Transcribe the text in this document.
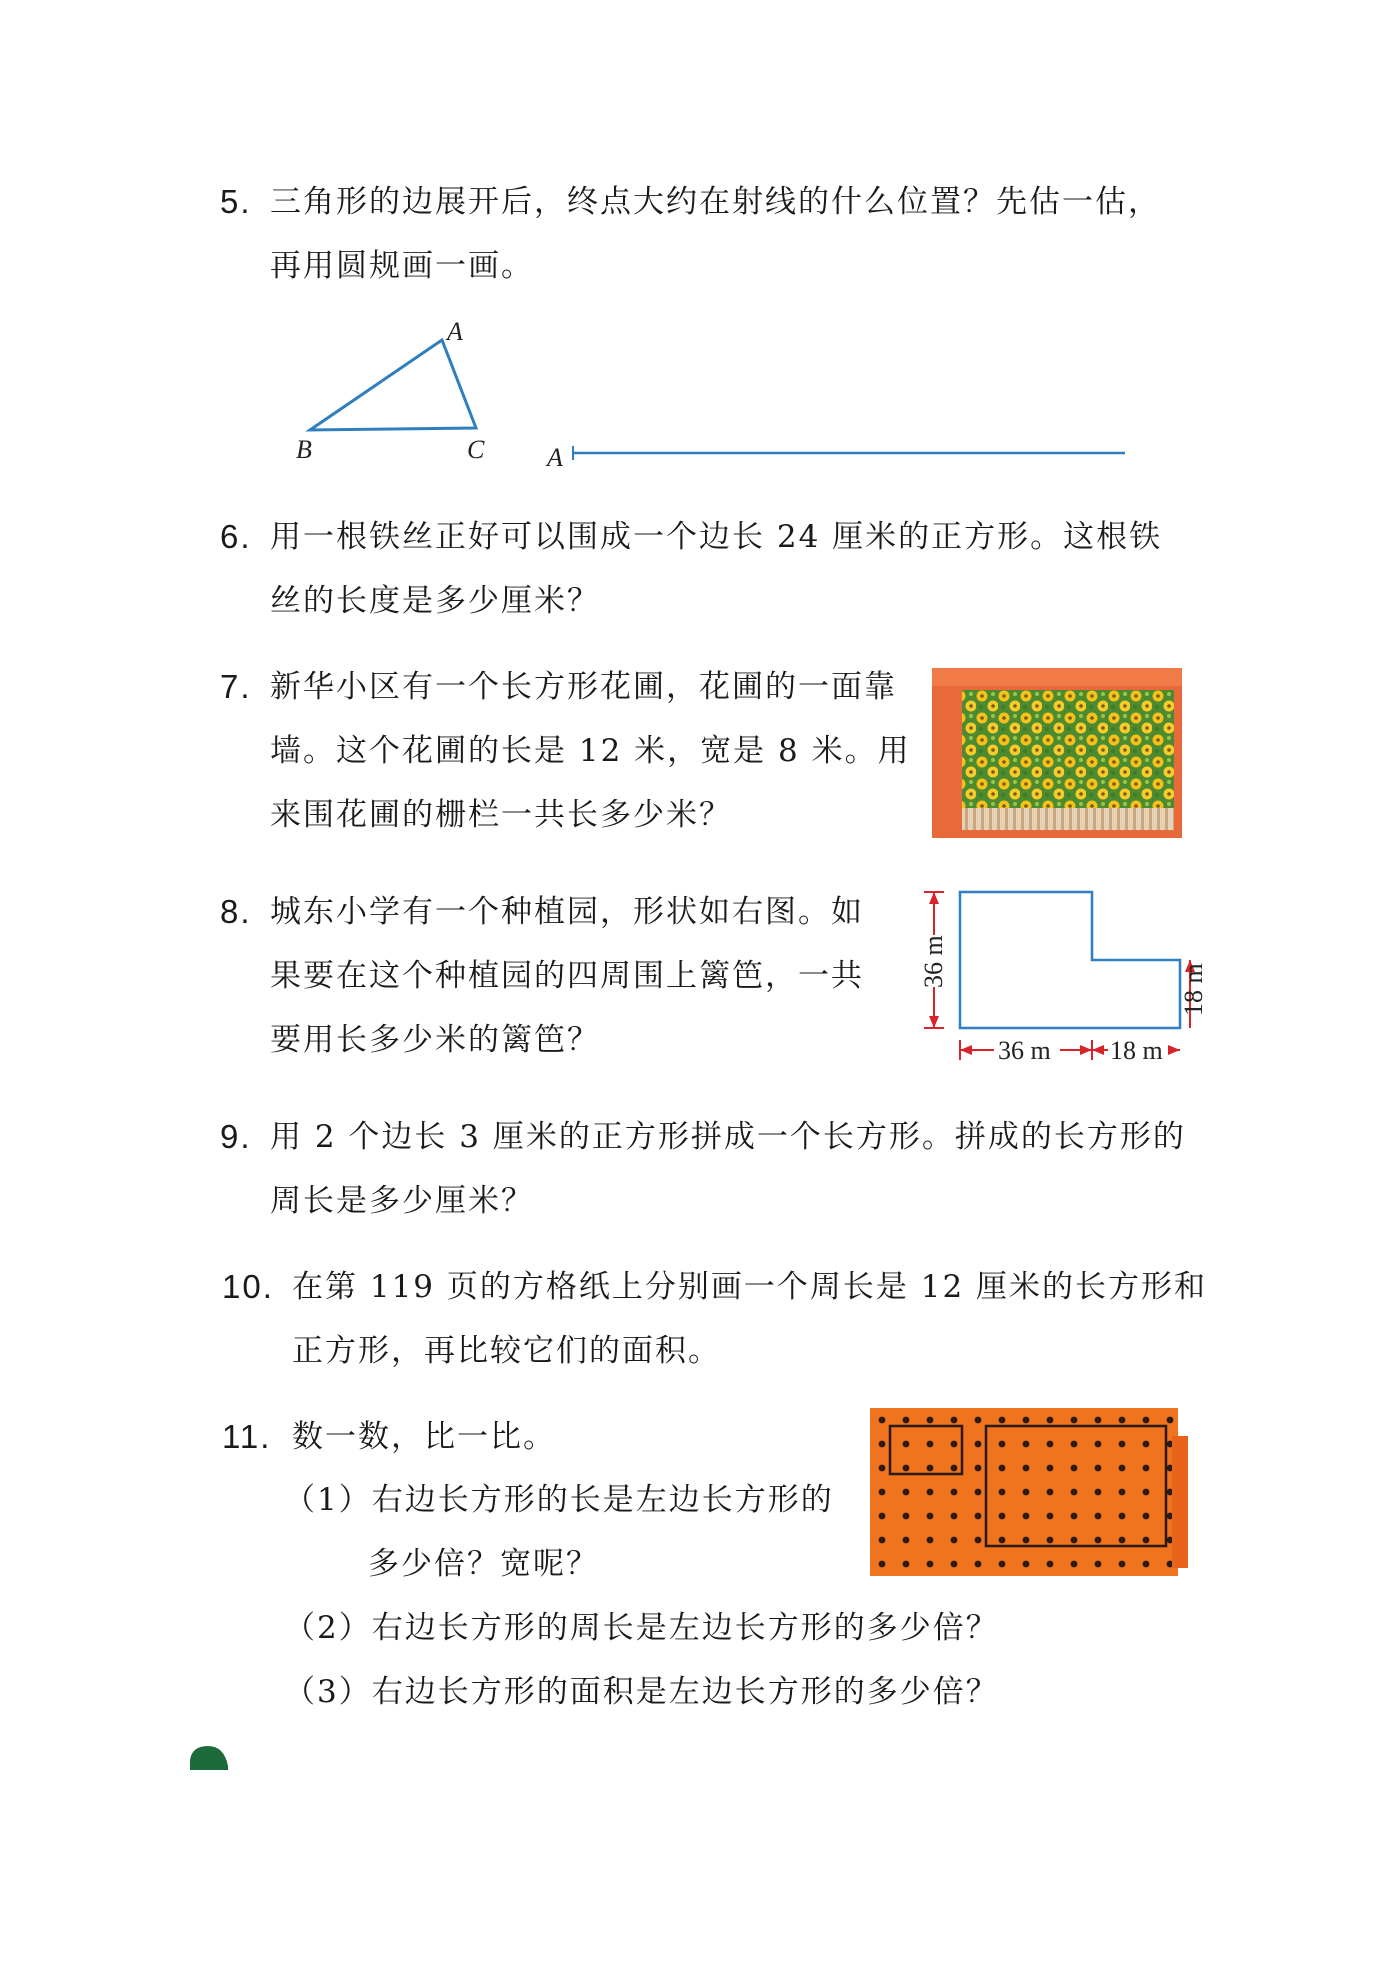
5. 三角形的边展开后，终点大约在射线的什么位置？先估一估，
再用圆规画一画。
A
B	C A
6. 用一根铁丝正好可以围成一个边长 24 厘米的正方形。这根铁
丝的长度是多少厘米？
7. 新华小区有一个长方形花圃，花圃的一面靠
墙。这个花圃的长是 12 米，宽是 8 米。用
来围花圃的栅栏一共长多少米？
8. 城东小学有一个种植园，形状如右图。如
果要在这个种植园的四周围上篱笆，一共
要用长多少米的篱笆？
36 m
36 m 18 m
18 m
9. 用 2 个边长 3 厘米的正方形拼成一个长方形。拼成的长方形的
周长是多少厘米？
10. 在第 119 页的方格纸上分别画一个周长是 12 厘米的长方形和
正方形，再比较它们的面积。
11. 数一数，比一比。
（1）右边长方形的长是左边长方形的
多少倍？宽呢？
（2）右边长方形的周长是左边长方形的多少倍？
（3）右边长方形的面积是左边长方形的多少倍？
